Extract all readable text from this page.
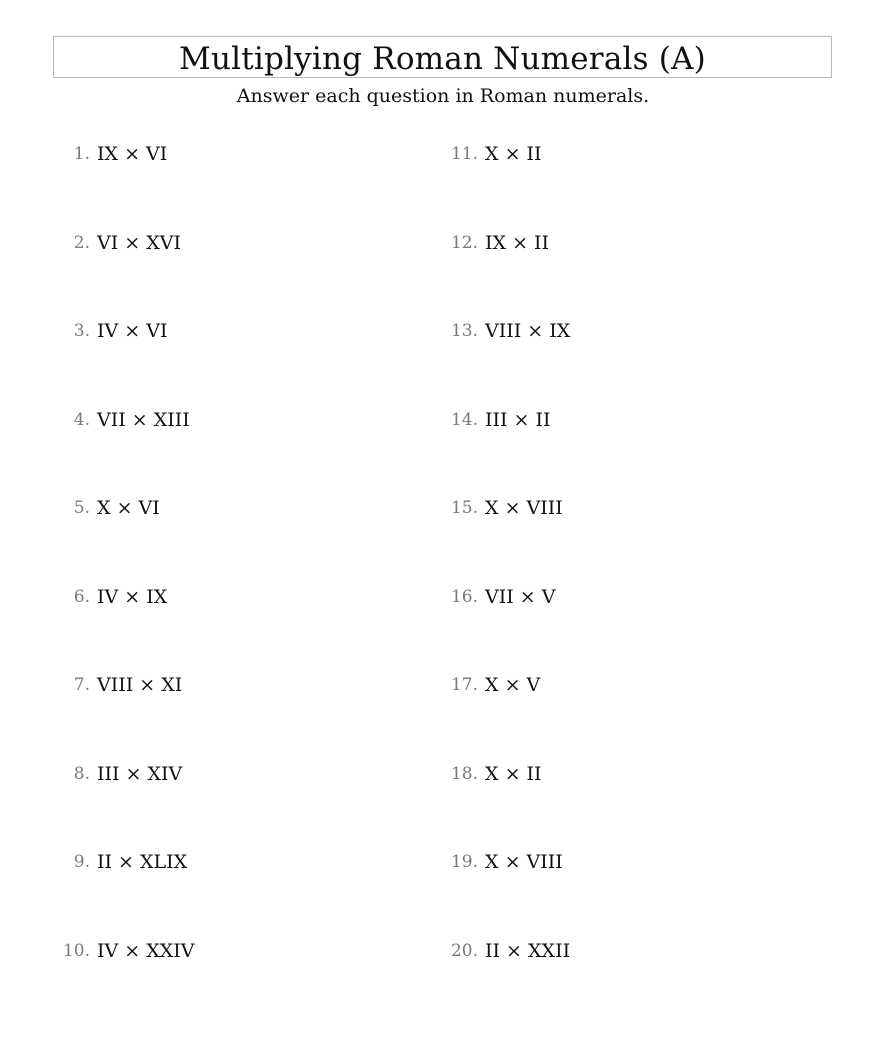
Multiplying Roman Numerals (A)

Answer each question in Roman numerals.

1. IX × VI
2. VI × XVI
3. IV × VI
4. VII × XIII
5. X × VI
6. IV × IX
7. VIII × XI
8. III × XIV
9. II × XLIX
10. IV × XXIV
11. X × II
12. IX × II
13. VIII × IX
14. III × II
15. X × VIII
16. VII × V
17. X × V
18. X × II
19. X × VIII
20. II × XXII
